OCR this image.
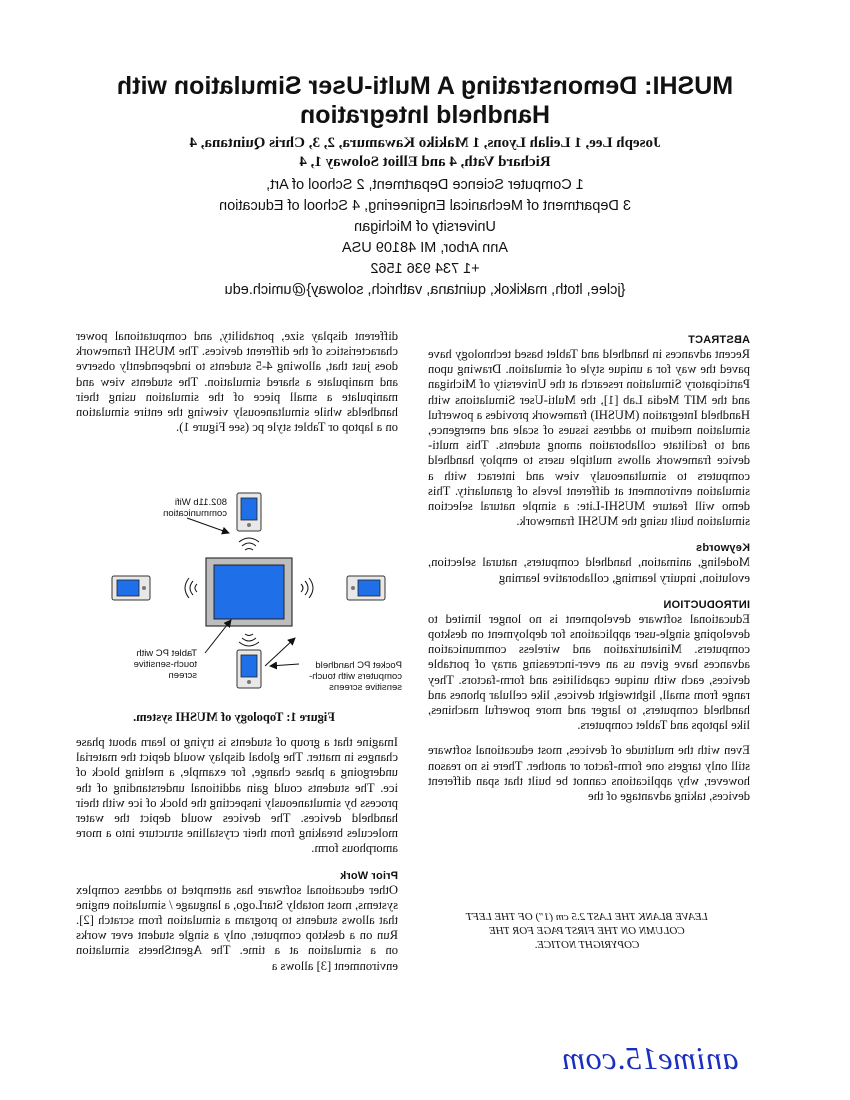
MUSHI: Demonstrating A Multi-User Simulation with
Handheld Integration
Joseph Lee, 1 Leilah Lyons, 1 Makiko Kawamura, 2, 3, Chris Quintana, 4
Richard Vath, 4 and Elliot Soloway 1, 4
1 Computer Science Department, 2 School of Art,
3 Department of Mechanical Engineering, 4 School of Education
University of Michigan
Ann Arbor, MI 48109 USA
+1 734 936 1562
{jclee, ltoth, makikok, quintana, vathrich, soloway}@umich.edu
ABSTRACT

Recent advances in handheld and Tablet based technology have paved the way for a unique style of simulation. Drawing upon Participatory Simulation research at the University of Michigan and the MIT Media Lab [1], the Multi-User Simulations with Handheld Integration (MUSHI) framework provides a powerful simulation medium to address issues of scale and emergence, and to facilitate collaboration among students. This multi-device framework allows multiple users to employ handheld computers to simultaneously view and interact with a simulation environment at different levels of granularity. This demo will feature MUSHI-Lite: a simple natural selection simulation built using the MUSHI framework.

Keywords

Modeling, animation, handheld computers, natural selection, evolution, inquiry learning, collaborative learning

INTRODUCTION

Educational software development is no longer limited to developing single-user applications for deployment on desktop computers. Miniaturization and wireless communication advances have given us an ever-increasing array of portable devices, each with unique capabilities and form-factors. They range from small, lightweight devices, like cellular phones and handheld computers, to larger and more powerful machines, like laptops and Tablet computers.

Even with the multitude of devices, most educational software still only targets one form-factor or another. There is no reason however, why applications cannot be built that span different devices, taking advantage of the

LEAVE BLANK THE LAST 2.5 cm (1") OF THE LEFT
COLUMN ON THE FIRST PAGE FOR THE
COPYRIGHT NOTICE.

different display size, portability, and computational power characteristics of the different devices. The MUSHI framework does just that, allowing 4-5 students to independently observe and manipulate a shared simulation. The students view and manipulate a small piece of the simulation using their handhelds while simultaneously viewing the entire simulation on a laptop or Tablet style pc (see Figure 1).

802.11b Wifi
communication
Tablet PC with
touch-sensitive
screen
Pocket PC handheld
computers with touch-
sensitive screens
Figure 1: Topology of MUSHI system.

Imagine that a group of students is trying to learn about phase changes in matter. The global display would depict the material undergoing a phase change, for example, a melting block of ice. The students could gain additional understanding of the process by simultaneously inspecting the block of ice with their handheld devices. The devices would depict the water molecules breaking from their crystalline structure into a more amorphous form.

Prior Work

Other educational software has attempted to address complex systems, most notably StarLogo, a language / simulation engine that allows students to program a simulation from scratch [2]. Run on a desktop computer, only a single student ever works on a simulation at a time. The AgentSheets simulation environment [3] allows a

anime15.com
